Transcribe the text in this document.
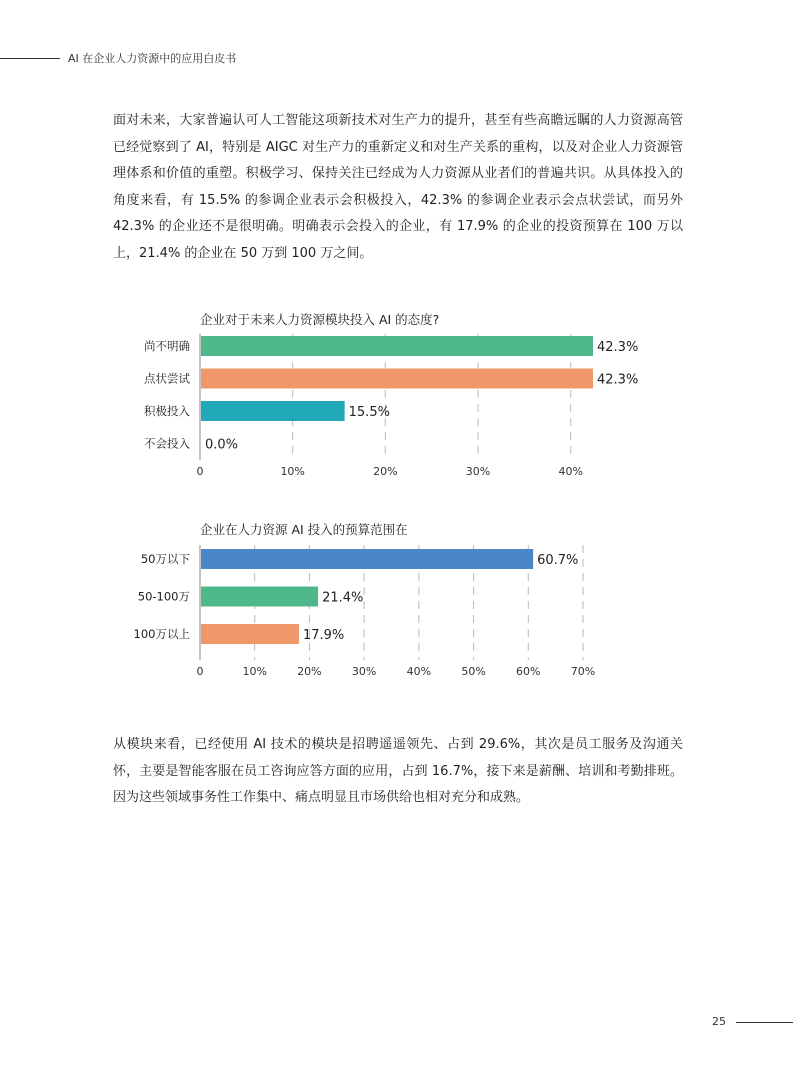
AI 在企业人力资源中的应用白皮书

面对未来，大家普遍认可人工智能这项新技术对生产力的提升，甚至有些高瞻远瞩的人力资源高管已经觉察到了 AI，特别是 AIGC 对生产力的重新定义和对生产关系的重构，以及对企业人力资源管理体系和价值的重塑。积极学习、保持关注已经成为人力资源从业者们的普遍共识。从具体投入的角度来看，有 15.5% 的参调企业表示会积极投入，42.3% 的参调企业表示会点状尝试，而另外 42.3% 的企业还不是很明确。明确表示会投入的企业，有 17.9% 的企业的投资预算在 100 万以上，21.4% 的企业在 50 万到 100 万之间。

企业对于未来人力资源模块投入 AI 的态度?
0	10%	20%	30%	40%
尚不明确	42.3%
点状尝试	42.3%
积极投入	15.5%
不会投入 0.0%
企业在人力资源 AI 投入的预算范围在
0	10%	20%	30%	40%	50%	60%	70%
50万以下	60.7%
50-100万	21.4%
100万以上	17.9%

从模块来看，已经使用 AI 技术的模块是招聘遥遥领先、占到 29.6%，其次是员工服务及沟通关怀，主要是智能客服在员工咨询应答方面的应用，占到 16.7%，接下来是薪酬、培训和考勤排班。因为这些领域事务性工作集中、痛点明显且市场供给也相对充分和成熟。

25
